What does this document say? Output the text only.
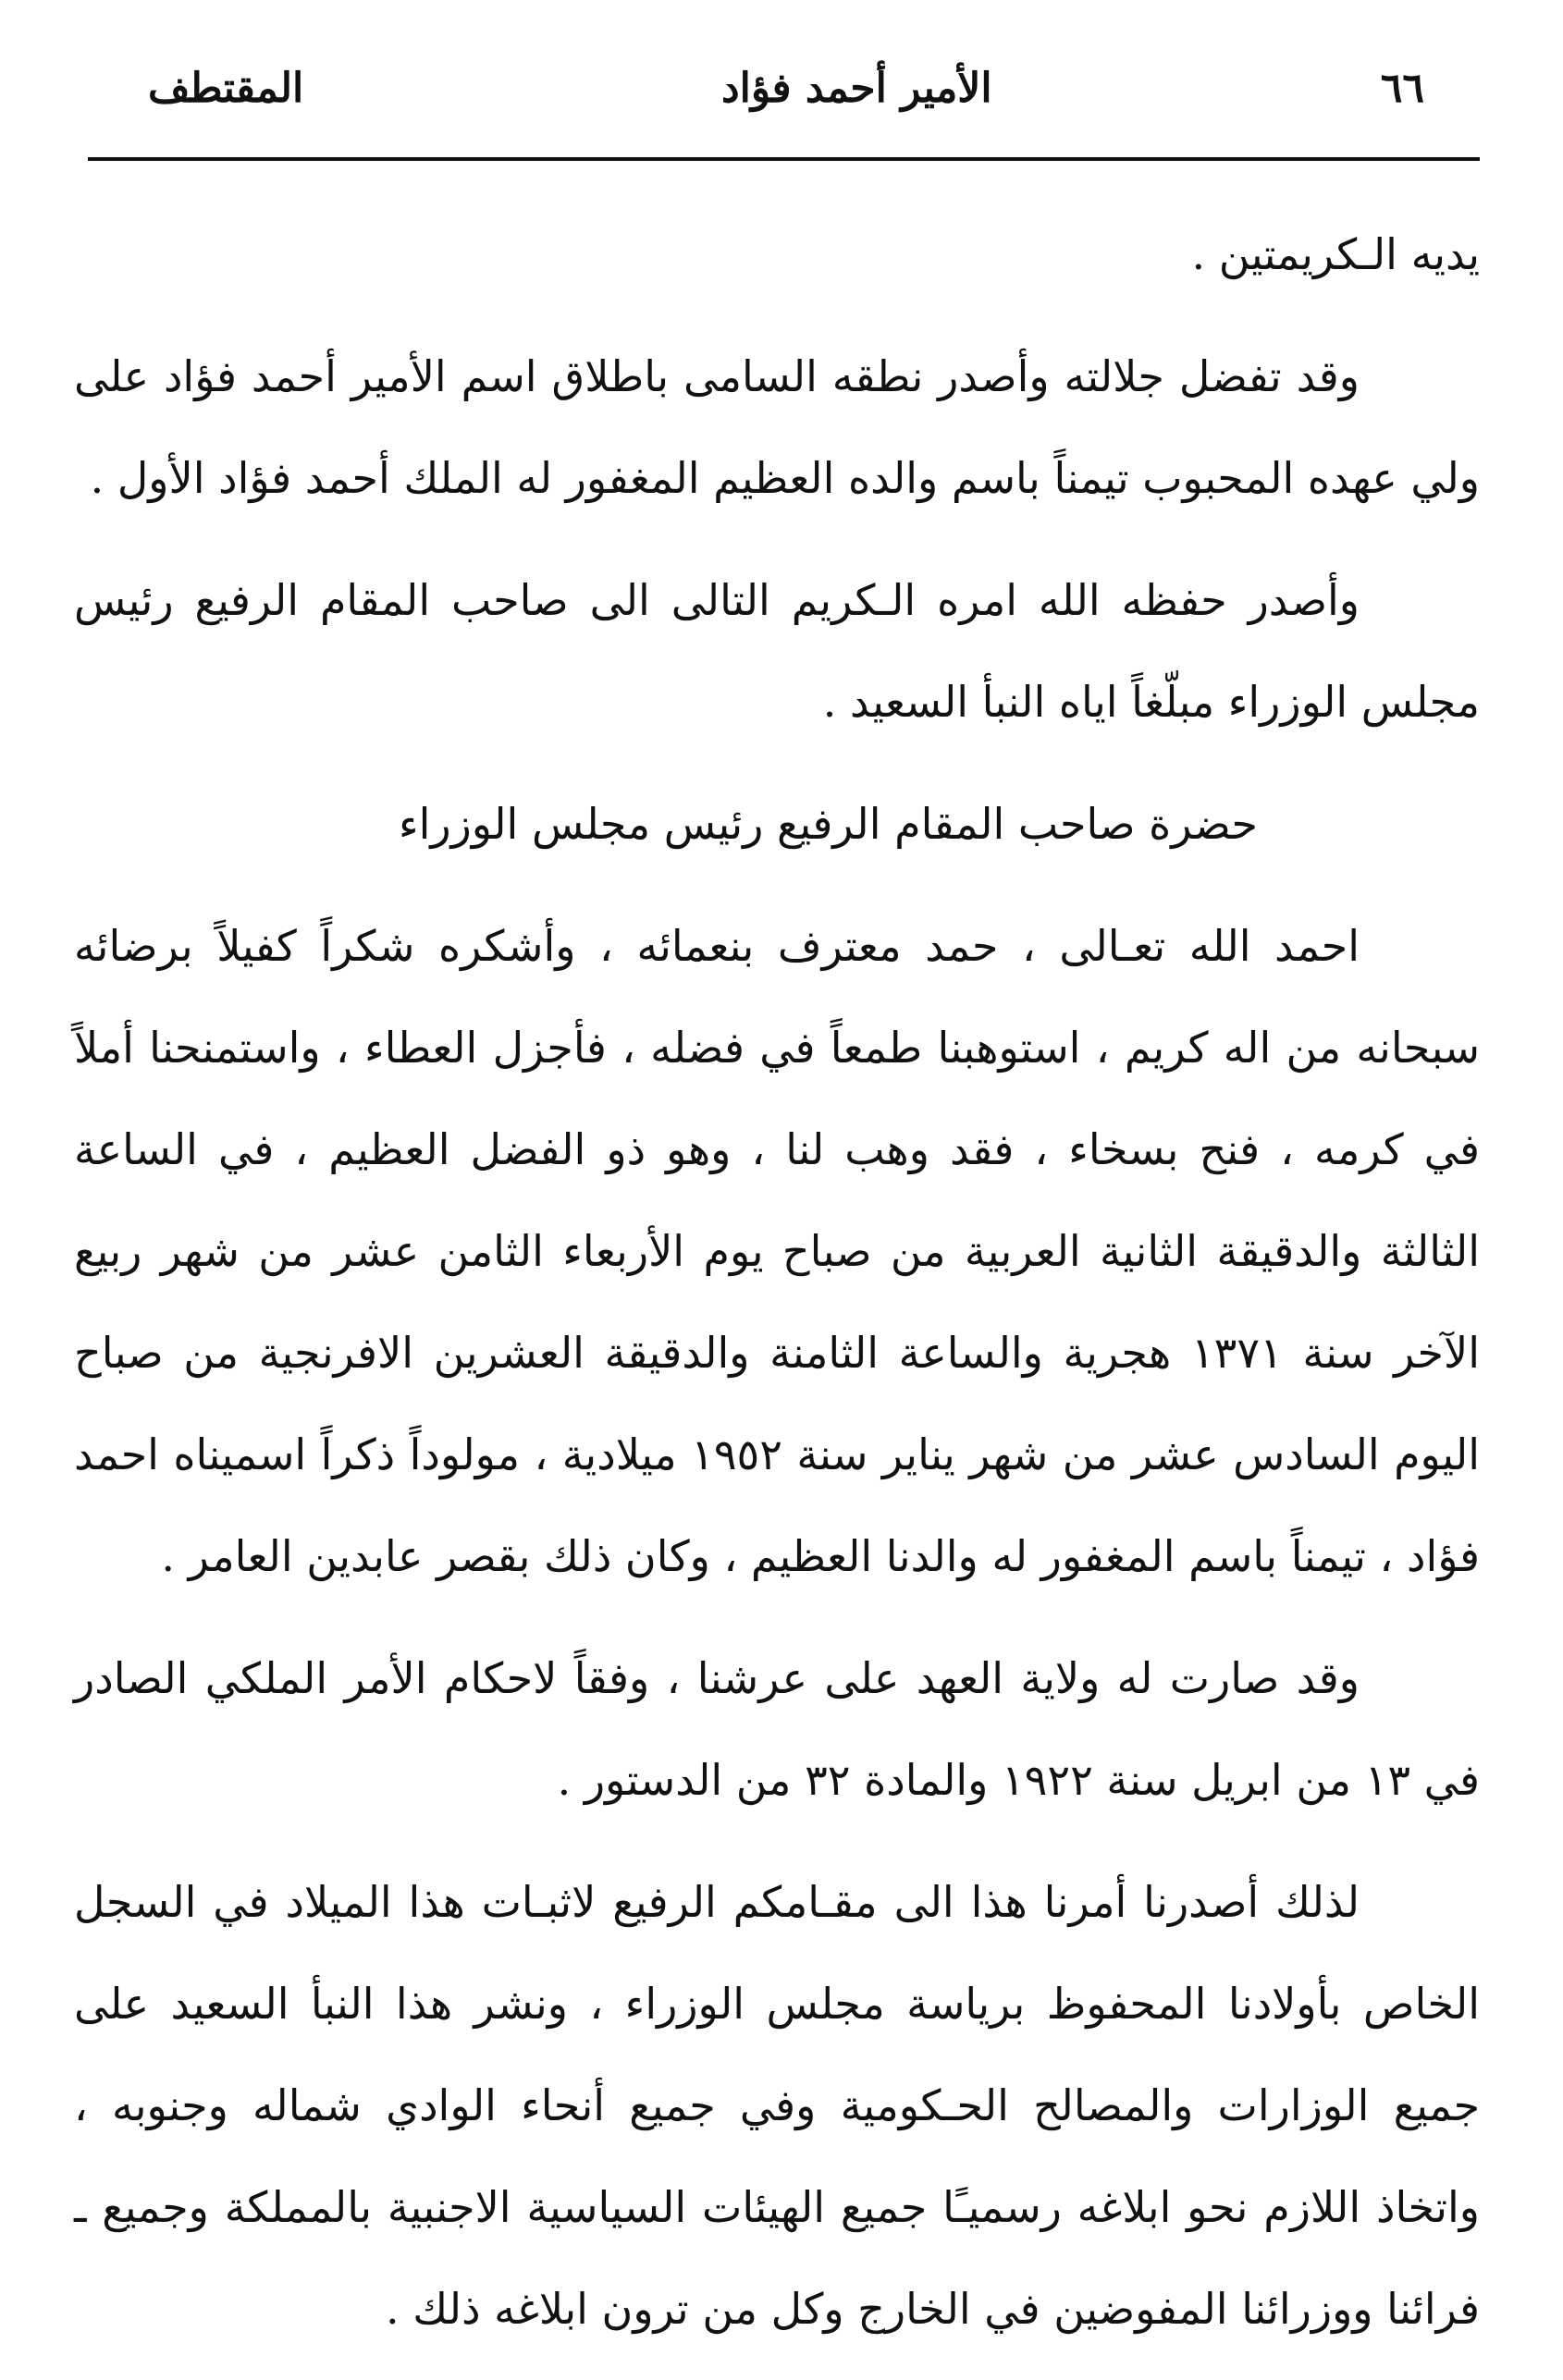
٦٦
الأمير أحمد فؤاد
المقتطف

يديه الـكريمتين .

وقد تفضل جلالته وأصدر نطقه السامى باطلاق اسم الأمير أحمد فؤاد على ولي عهده المحبوب تيمناً باسم والده العظيم المغفور له الملك أحمد فؤاد الأول .

وأصدر حفظه الله امره الـكريم التالى الى صاحب المقام الرفيع رئيس مجلس الوزراء مبلّغاً اياه النبأ السعيد .

حضرة صاحب المقام الرفيع رئيس مجلس الوزراء

احمد الله تعـالى ، حمد معترف بنعمائه ، وأشكره شكراً كفيلاً برضائه سبحانه من اله كريم ، استوهبنا طمعاً في فضله ، فأجزل العطاء ، واستمنحنا أملاً في كرمه ، فنح بسخاء ، فقد وهب لنا ، وهو ذو الفضل العظيم ، في الساعة الثالثة والدقيقة الثانية العربية من صباح يوم الأربعاء الثامن عشر من شهر ربيع الآخر سنة ١٣٧١ هجرية والساعة الثامنة والدقيقة العشرين الافرنجية من صباح اليوم السادس عشر من شهر يناير سنة ١٩٥٢ ميلادية ، مولوداً ذكراً اسميناه احمد فؤاد ، تيمناً باسم المغفور له والدنا العظيم ، وكان ذلك بقصر عابدين العامر .

وقد صارت له ولاية العهد على عرشنا ، وفقاً لاحكام الأمر الملكي الصادر في ١٣ من ابريل سنة ١٩٢٢ والمادة ٣٢ من الدستور .

لذلك أصدرنا أمرنا هذا الى مقـامكم الرفيع لاثبـات هذا الميلاد في السجل الخاص بأولادنا المحفوظ برياسة مجلس الوزراء ، ونشر هذا النبأ السعيد على جميع الوزارات والمصالح الحـكومية وفي جميع أنحاء الوادي شماله وجنوبه ، واتخاذ اللازم نحو ابلاغه رسميـًا جميع الهيئات السياسية الاجنبية بالمملكة وجميع ـ فرائنا ووزرائنا المفوضين في الخارج وكل من ترون ابلاغه ذلك .
